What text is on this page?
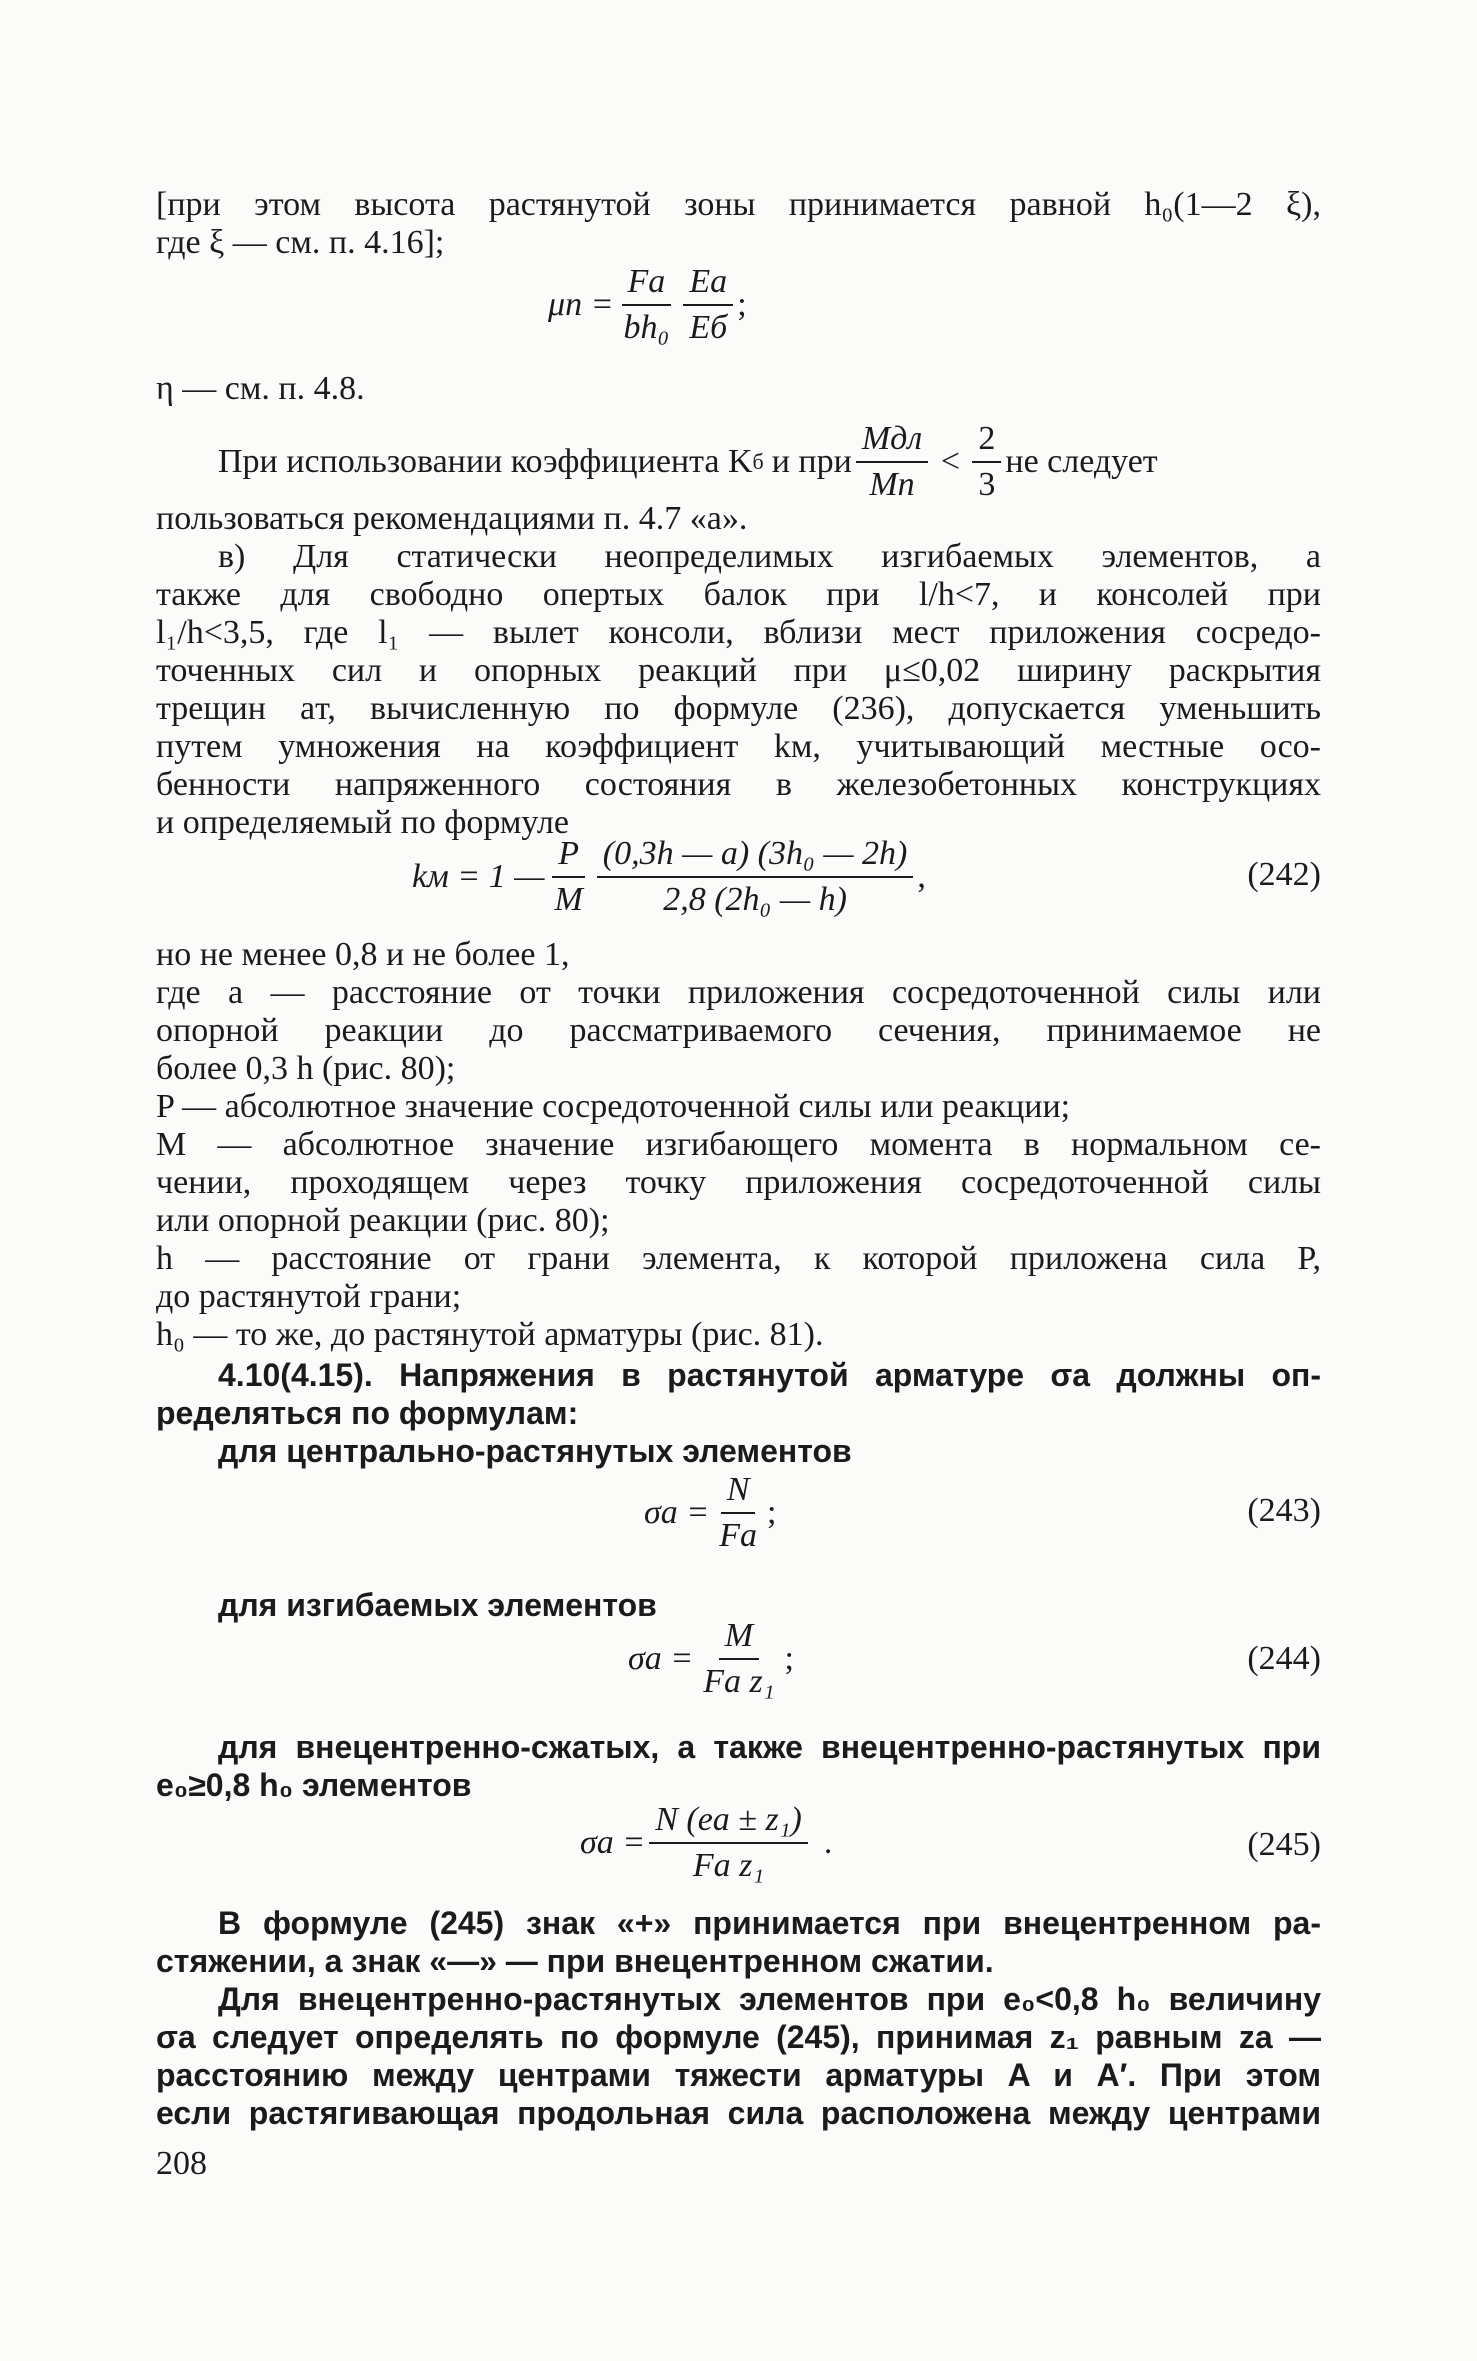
[при этом высота растянутой зоны принимается равной h₀(1—2 ξ),
где ξ — см. п. 4.16];
$\mu n = \frac{Fа}{\text{bh₀}} \frac{Eа}{Eб}$ ;
η — см. п. 4.8.
При использовании коэффициента K б и при $\frac{\text{Mдл}}{Mп} < \frac{2}{3}$ не следует
пользоваться рекомендациями п. 4.7 «а».
в) Для статически неопределимых изгибаемых элементов, а
также для свободно опертых балок при l/h<7, и консолей при
l₁/h<3,5, где l₁ — вылет консоли, вблизи мест приложения сосредо-
точенных сил и опорных реакций при μ≤0,02 ширину раскрытия
трещин aт, вычисленную по формуле (236), допускается уменьшить
путем умножения на коэффициент kм, учитывающий местные осо-
бенности напряженного состояния в железобетонных конструкциях
и определяемый по формуле
kм = 1 — $\frac{P}{M} \frac{\text{(0,3h — a) (3h₀ — 2h)}}{\text{2,8 (2h₀ — h)}}$ ,	(242)
но не менее 0,8 и не более 1,
где a — расстояние от точки приложения сосредоточенной силы или
опорной реакции до рассматриваемого сечения, принимаемое не
более 0,3 h (рис. 80);
P — абсолютное значение сосредоточенной силы или реакции;
M — абсолютное значение изгибающего момента в нормальном се-
чении, проходящем через точку приложения сосредоточенной силы
или опорной реакции (рис. 80);
h — расстояние от грани элемента, к которой приложена сила P,
до растянутой грани;
h₀ — то же, до растянутой арматуры (рис. 81).
4.10(4.15). Напряжения в растянутой арматуре σа должны оп-
ределяться по формулам:
для центрально-растянутых элементов
$\sigma а = \frac{N}{Fа}$ ;	(243)
для изгибаемых элементов
$\sigma а = \frac{M}{\text{Fа z₁}}$ ;	(244)
для внецентренно-сжатых, а также внецентренно-растянутых при
e₀≥0,8 h₀ элементов
$\sigma а = \frac{\text{N (eа ± z₁)}}{\text{Fа z₁}}$ .	(245)
В формуле (245) знак «+» принимается при внецентренном ра-
стяжении, а знак «—» — при внецентренном сжатии.
Для внецентренно-растянутых элементов при e₀<0,8 h₀ величину
σа следует определять по формуле (245), принимая z₁ равным zа —
расстоянию между центрами тяжести арматуры A и A′. При этом
если растягивающая продольная сила расположена между центрами
208
